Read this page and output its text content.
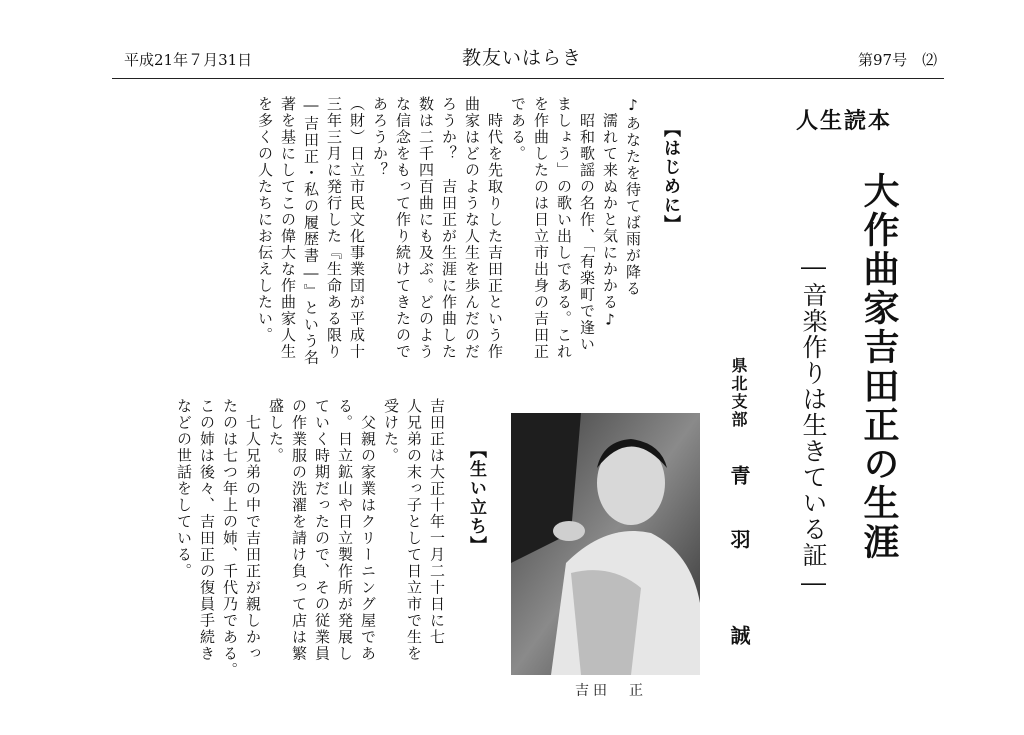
平成21年７月31日	教友いはらき	第97号　⑵
人生読本
大作曲家吉田正の生涯
―音楽作りは生きている証―
県北支部
青　羽　　誠
【はじめに】

♪あなたを待てば雨が降る

　濡れて来ぬかと気にかかる♪

　昭和歌謡の名作、「有楽町で逢い

ましょう」の歌い出しである。これ

を作曲したのは日立市出身の吉田正

である。

　時代を先取りした吉田正という作

曲家はどのような人生を歩んだのだ

ろうか？　吉田正が生涯に作曲した

数は二千四百曲にも及ぶ。どのよう

な信念をもって作り続けてきたので

あろうか？

（財）日立市民文化事業団が平成十

三年三月に発行した『生命ある限り

―吉田正・私の履歴書―』という名

著を基にしてこの偉大な作曲家人生

を多くの人たちにお伝えしたい。

【生い立ち】

吉田正は大正十年一月二十日に七

人兄弟の末っ子として日立市で生を

受けた。

　父親の家業はクリーニング屋であ

る。日立鉱山や日立製作所が発展し

ていく時期だったので、その従業員

の作業服の洗濯を請け負って店は繁

盛した。

　七人兄弟の中で吉田正が親しかっ

たのは七つ年上の姉、千代乃である。

この姉は後々、吉田正の復員手続き

などの世話をしている。

吉田　正
